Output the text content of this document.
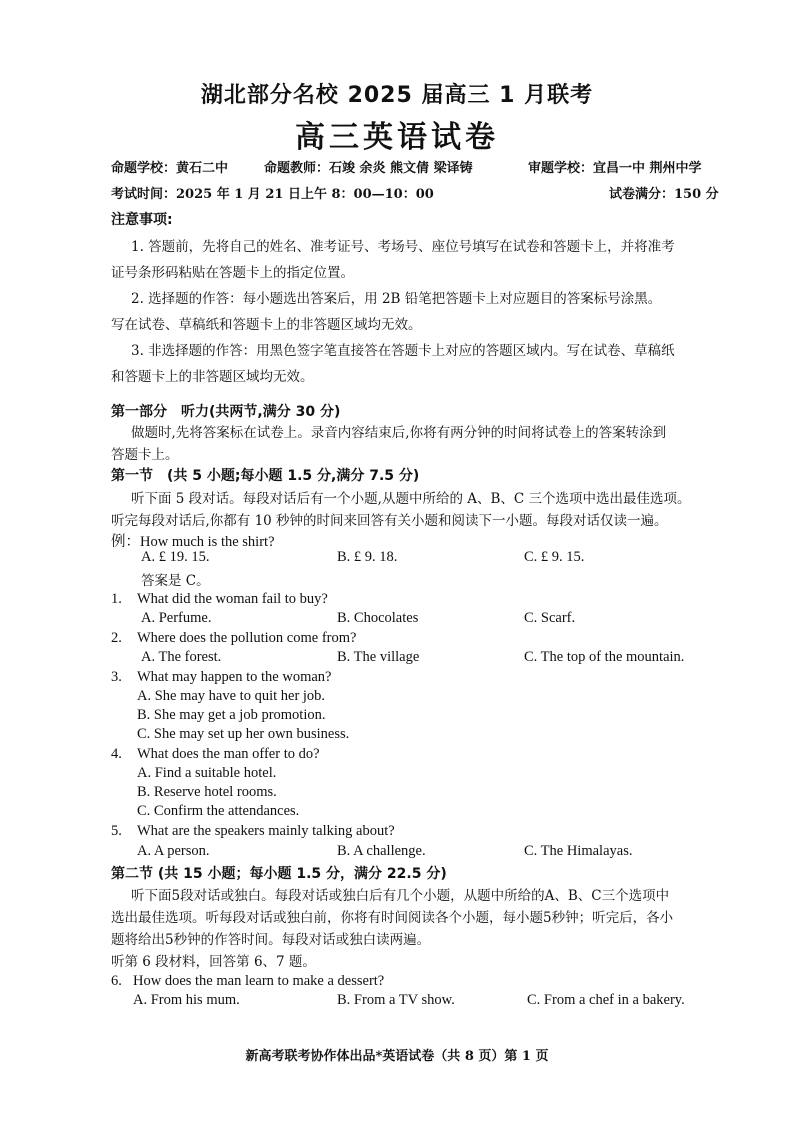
湖北部分名校 2025 届高三 1 月联考
高三英语试卷
命题学校：黄石二中	命题教师：石竣 余炎 熊文倩 梁译铸	审题学校：宜昌一中 荆州中学
考试时间：2025 年 1 月 21 日上午 8：00—10：00	试卷满分：150 分
注意事项:
1. 答题前，先将自己的姓名、准考证号、考场号、座位号填写在试卷和答题卡上，并将准考
证号条形码粘贴在答题卡上的指定位置。
2. 选择题的作答：每小题选出答案后，用 2B 铅笔把答题卡上对应题目的答案标号涂黑。
写在试卷、草稿纸和答题卡上的非答题区域均无效。
3. 非选择题的作答：用黑色签字笔直接答在答题卡上对应的答题区域内。写在试卷、草稿纸
和答题卡上的非答题区域均无效。
第一部分　听力(共两节,满分 30 分)
做题时,先将答案标在试卷上。录音内容结束后,你将有两分钟的时间将试卷上的答案转涂到
答题卡上。
第一节　(共 5 小题;每小题 1.5 分,满分 7.5 分)
听下面 5 段对话。每段对话后有一个小题,从题中所给的 A、B、C 三个选项中选出最佳选项。
听完每段对话后,你都有 10 秒钟的时间来回答有关小题和阅读下一小题。每段对话仅读一遍。
例：How much is the shirt?
A. £ 19. 15.	B. £ 9. 18.	C. £ 9. 15.
答案是 C。
1. What did the woman fail to buy?
A. Perfume.	B. Chocolates	C. Scarf.
2. Where does the pollution come from?
A. The forest.	B. The village	C. The top of the mountain.
3. What may happen to the woman?
A. She may have to quit her job.
B. She may get a job promotion.
C. She may set up her own business.
4. What does the man offer to do?
A. Find a suitable hotel.
B. Reserve hotel rooms.
C. Confirm the attendances.
5. What are the speakers mainly talking about?
A. A person.	B. A challenge.	C. The Himalayas.
第二节 (共 15 小题；每小题 1.5 分，满分 22.5 分)
听下面5段对话或独白。每段对话或独白后有几个小题，从题中所给的A、B、C三个选项中
选出最佳选项。听每段对话或独白前，你将有时间阅读各个小题，每小题5秒钟；听完后，各小
题将给出5秒钟的作答时间。每段对话或独白读两遍。
听第 6 段材料，回答第 6、7 题。
6. How does the man learn to make a dessert?
A. From his mum.	B. From a TV show.	C. From a chef in a bakery.
新高考联考协作体出品*英语试卷（共 8 页）第 1 页
